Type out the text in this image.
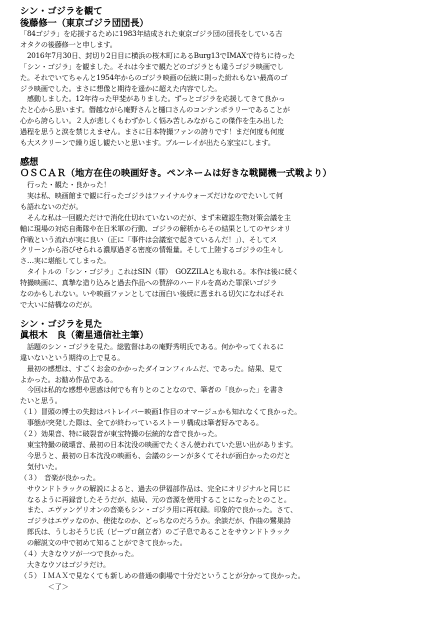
シン・ゴジラを観て

後藤修一（東京ゴジラ団団長）

「84ゴジラ」を応援するために1983年結成された東京ゴジラ団の団長をしている古

オタクの後藤修一と申します。

　2016年7月30日、封切り2日目に横浜の桜木町にあるBurg13でIMAXで待ちに待った

「シン・ゴジラ」を観ました。それは今まで観たどのゴジラとも違うゴジラ映画でし

た。それでいてちゃんと1954年からのゴジラ映画の伝統に則った紛れもない最高のゴ

ジラ映画でした。まさに想像と期待を遥かに超えた内容でした。

　感動しました。12年待った甲斐がありました。ずっとゴジラを応援してきて良かっ

たと心から思います。僭越ながら庵野さんと樋口さんのコンテンポラリーであることが

心から誇らしい。２人が悲しくもわずかしく悩み苦しみながらこの傑作を生み出した

過程を思うと涙を禁じえません。まさに日本特撮ファンの誇りです！まだ何度も何度

も大スクリーンで繰り返し観たいと思います。ブルーレイが出たら家宝にします。

感想

ＯＳＣＡＲ（地方在住の映画好き。ペンネームは好きな戦闘機一式戦より）

　行った・観た・良かった！

　実は私、映画館まで観に行ったゴジラはファイナルウォーズだけなのでたいして何

も語れないのだが。

　そんな私は一回観ただけで消化仕切れていないのだが、まず未確認生物対策会議を主

軸に現場の対応自衛隊や在日米軍の行動、ゴジラの解析からその結果としてのヤシオリ

作戦という流れが実に良い（正に「事件は会議室で起きているんだ！」）、そしてス

クリーンから浴びせられる濃厚過ぎる密度の情報量。そして上陸するゴジラの生々し

さ…実に堪能してしまった。

　タイトルの「シン・ゴジラ」これはSIN（罪）　GOZZILAとも取れる。本作は後に続く

特撮映画に、真摯な造り込みと過去作品への賛辞のハードルを高めた罪深いゴジラ

なのかもしれない。いや映画ファンとしては面白い後続に恵まれる切欠になればそれ

で大いに結構なのだが。

シン・ゴジラを見た

眞根木　良（衛星通信社主筆）

　話題のシン・ゴジラを見た。総監督はあの庵野秀明氏である。何かやってくれるに

違いないという期待の上で見る。

　最初の感想は、すごくお金のかかったダイコンフィルムだ、であった。結果、見て

よかった。お勧め作品である。

　今回は私的な感想や思惑は何でも有りとのことなので、筆者の「良かった」を書き

たいと思う。

（１）冒頭の博士の失踪はパトレイバー映画1作目のオマージュかも知れなくて良かった。

　事態が突発した際は、全てが終わっているストーリ構成は筆者好みである。

（２）効果音、特に破裂音が東宝特撮の伝統的な音で良かった。

　東宝特撮の破壊音、最初の日本沈没の映画でたくさん使われていた思い出があります。

　今思うと、最初の日本沈没の映画も、会議のシーンが多くてそれが面白かったのだと

　気付いた。

（３）　音楽が良かった。

　サウンドトラックの解説によると、過去の伊福部作品は、完全にオリジナルと同じに

　なるように再録音したそうだが、結局、元の音源を使用することになったとのこと。

　また、エヴァンゲリオンの音楽もシン・ゴジラ用に再収録。印象的で良かった。さて、

　ゴジラはエヴァなのか、使徒なのか、どっちなのだろうか。余談だが、作曲の鷺巣詩

　郎氏は、うしおそうじ氏（ピープロ創立者）のご子息であることをサウンドトラック

　の解説文の中で初めて知ることができて良かった。

（４）大きなウソが一つで良かった。

　大きなウソはゴジラだけ。

（５）ＩＭＡＸで見なくても新しめの普通の劇場で十分だということが分かって良かった。

　　　　＜了＞
